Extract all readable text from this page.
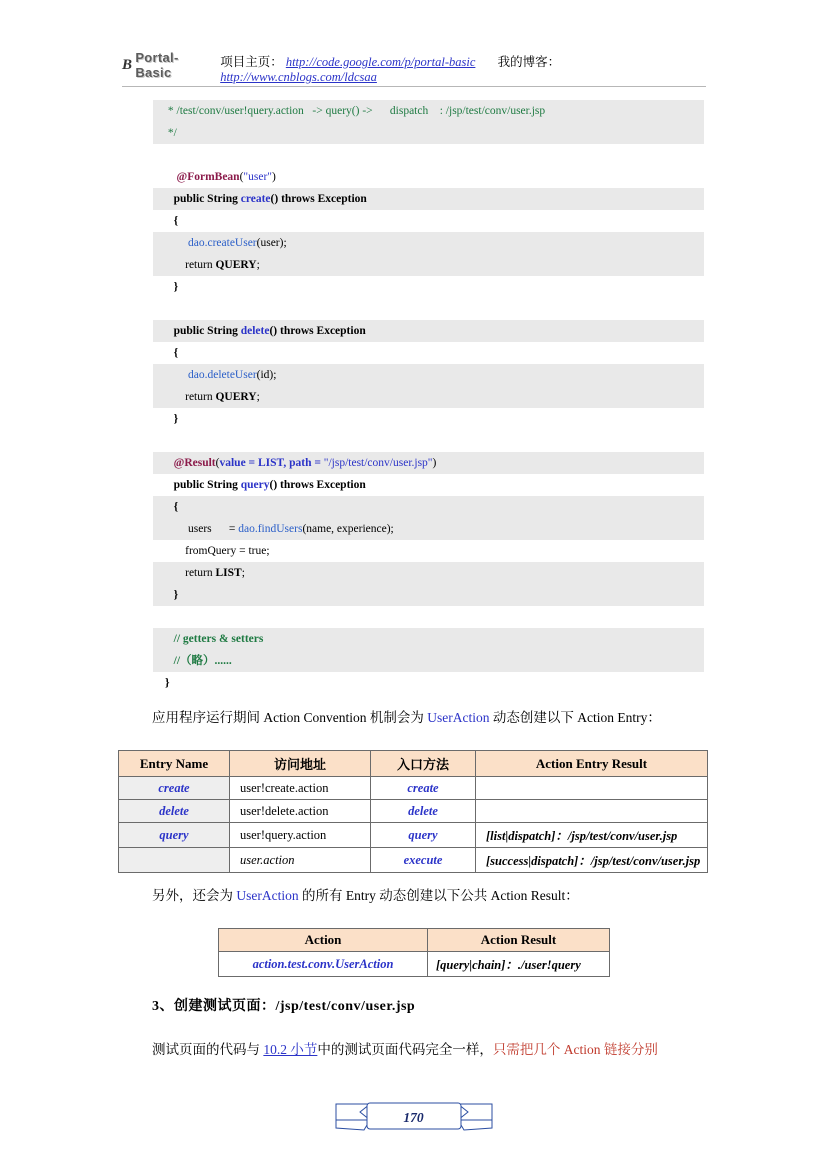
B Portal-Basic
项目主页： http://code.google.com/p/portal-basic 我的博客： http://www.cnblogs.com/ldcsaa
* /test/conv/user!query.action   -> query() ->      dispatch    : /jsp/test/conv/user.jsp
*/

@FormBean("user")
public String create() throws Exception
{
dao.createUser(user);
return QUERY;
}

public String delete() throws Exception
{
dao.deleteUser(id);
return QUERY;
}

@Result(value = LIST, path = "/jsp/test/conv/user.jsp")
public String query() throws Exception
{
users      = dao.findUsers(name, experience);
fromQuery = true;
return LIST;
}

// getters & setters
//（略）......
}
应用程序运行期间 Action Convention 机制会为 UserAction 动态创建以下 Action Entry：
Entry Name	访问地址	入口方法	Action Entry Result
create	user!create.action	create	
delete	user!delete.action	delete	
query	user!query.action	query	[list|dispatch]：/jsp/test/conv/user.jsp
	user.action	execute	[success|dispatch]：/jsp/test/conv/user.jsp
另外，还会为 UserAction 的所有 Entry 动态创建以下公共 Action Result：
Action	Action Result
action.test.conv.UserAction	[query|chain]：./user!query
3、创建测试页面：/jsp/test/conv/user.jsp
测试页面的代码与 10.2 小节中的测试页面代码完全一样，只需把几个 Action 链接分别
170
